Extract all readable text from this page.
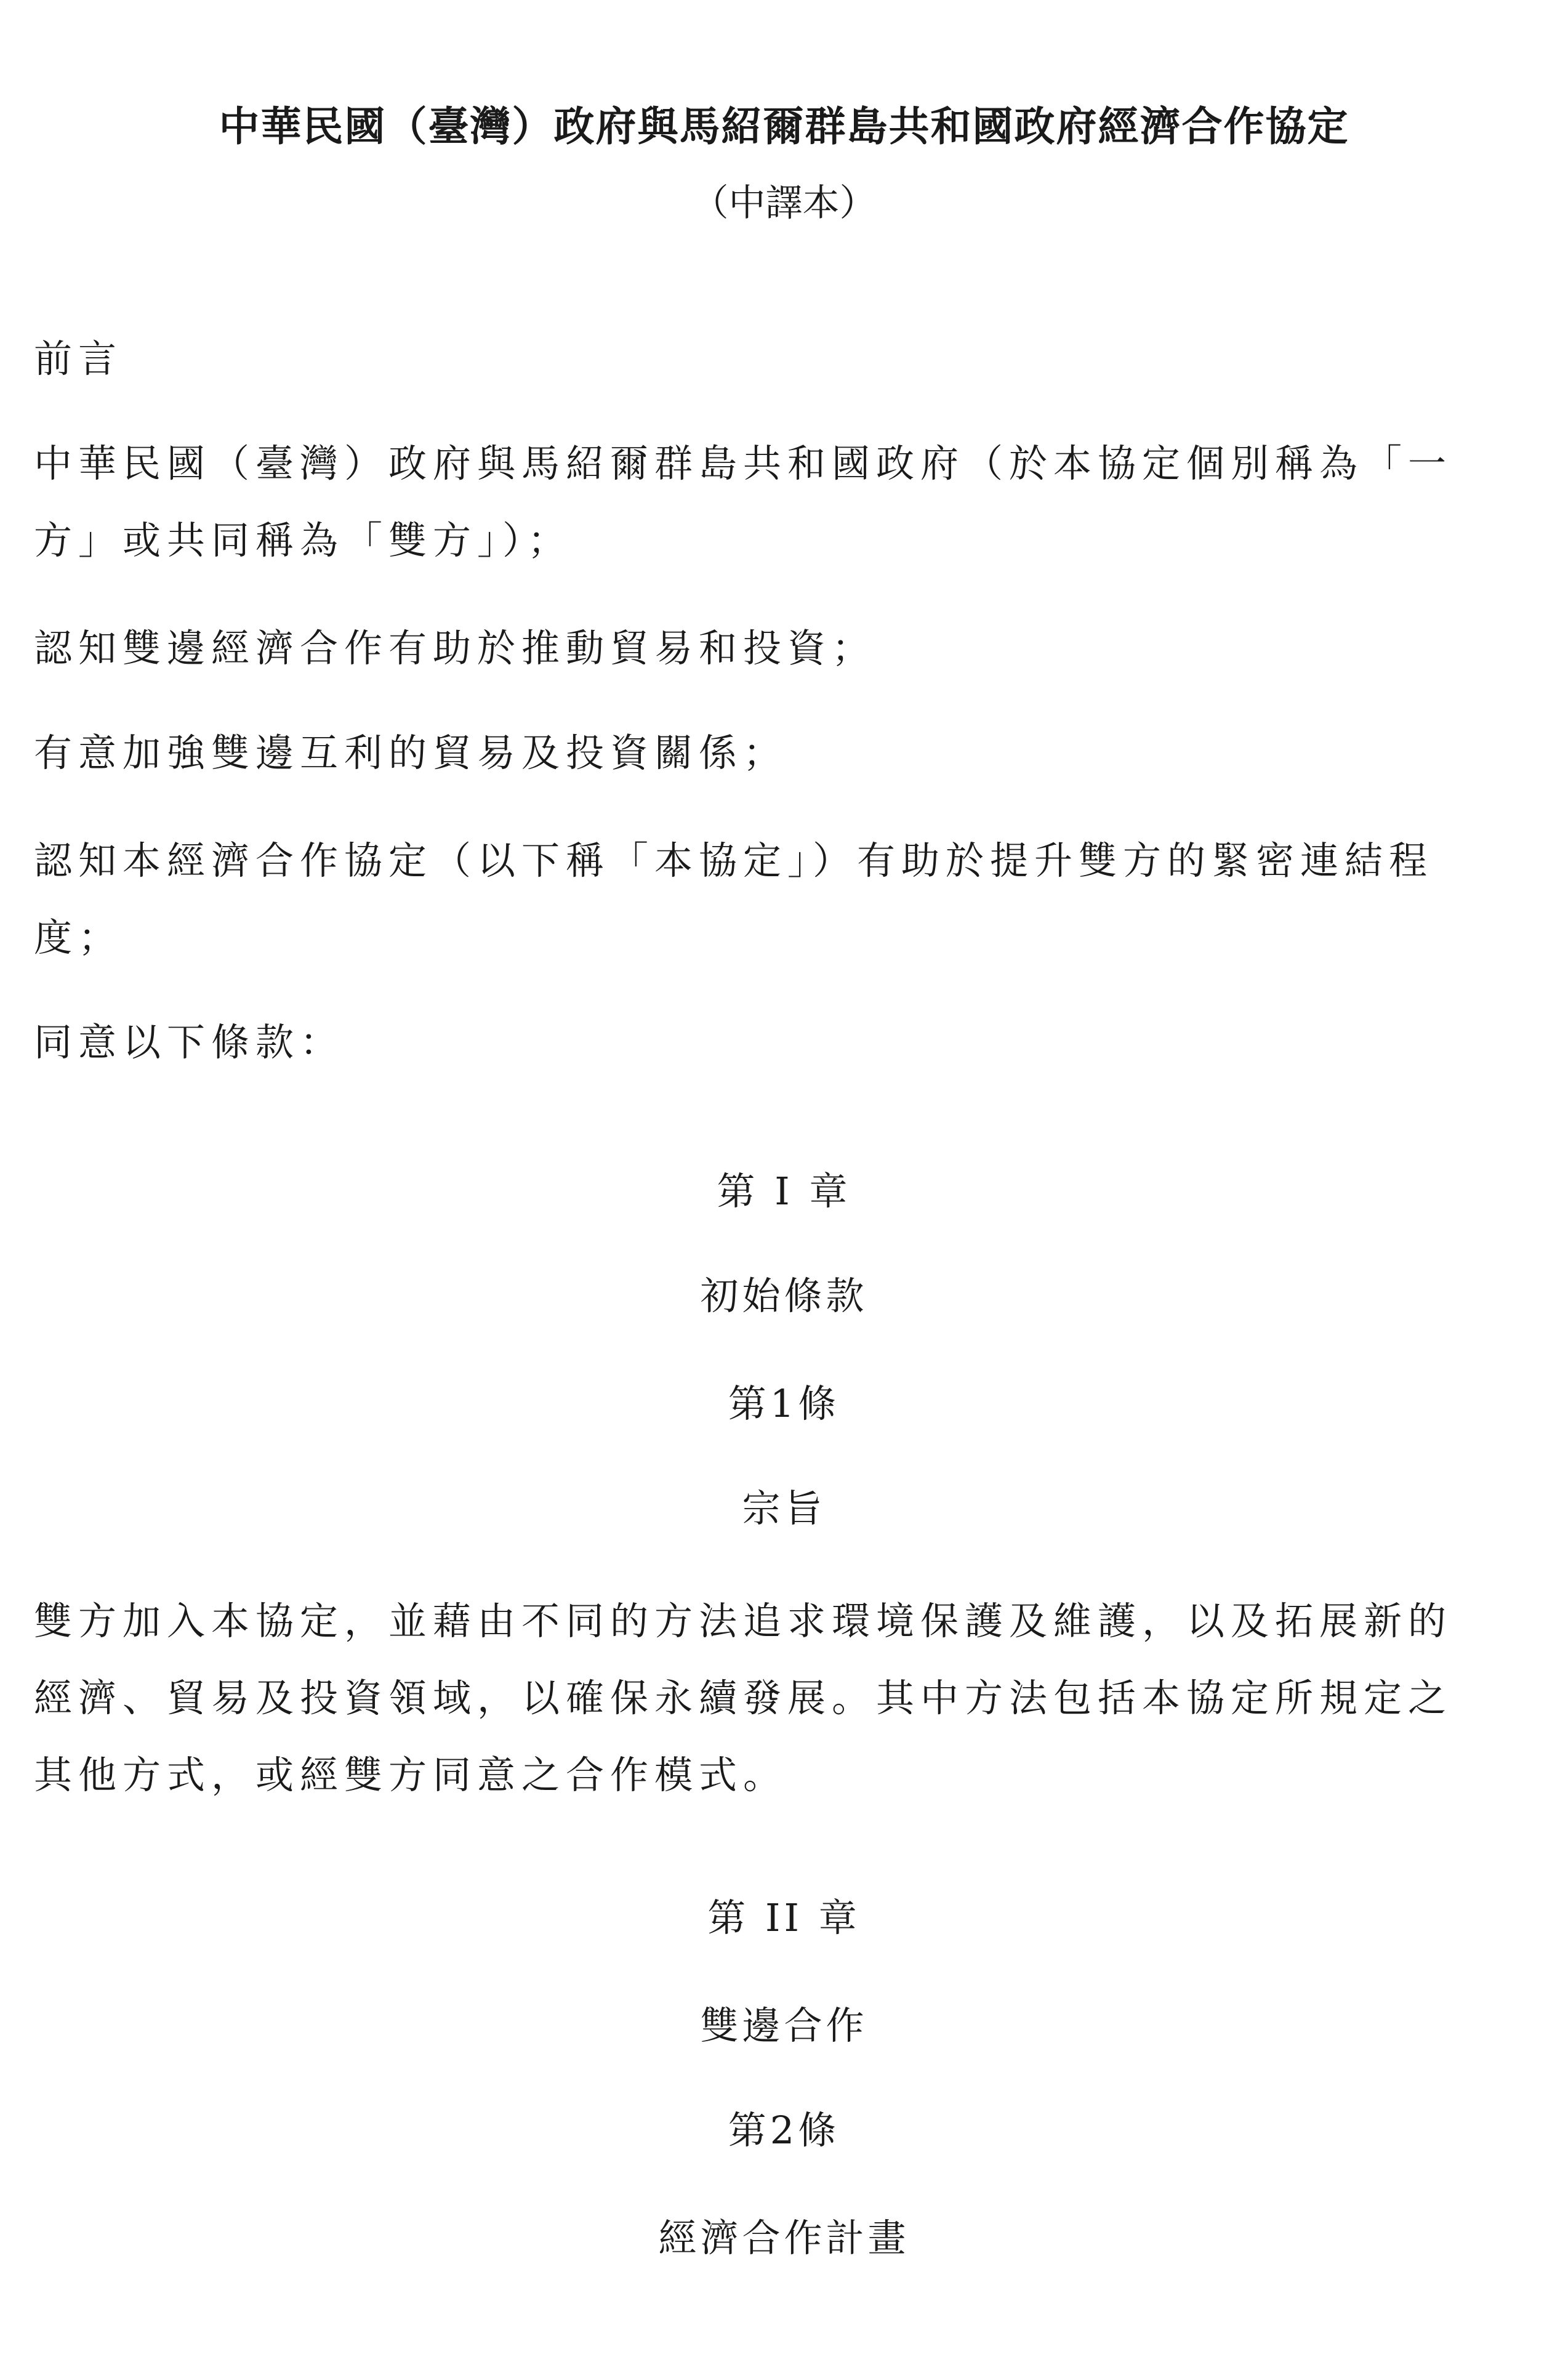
中華民國（臺灣）政府與馬紹爾群島共和國政府經濟合作協定
（中譯本）
前言
中華民國（臺灣）政府與馬紹爾群島共和國政府（於本協定個別稱為「一
方」或共同稱為「雙方」）；
認知雙邊經濟合作有助於推動貿易和投資；
有意加強雙邊互利的貿易及投資關係；
認知本經濟合作協定（以下稱「本協定」）有助於提升雙方的緊密連結程
度；
同意以下條款：
第 I 章
初始條款
第1條
宗旨
雙方加入本協定，並藉由不同的方法追求環境保護及維護，以及拓展新的
經濟、貿易及投資領域，以確保永續發展。其中方法包括本協定所規定之
其他方式，或經雙方同意之合作模式。
第 II 章
雙邊合作
第2條
經濟合作計畫
